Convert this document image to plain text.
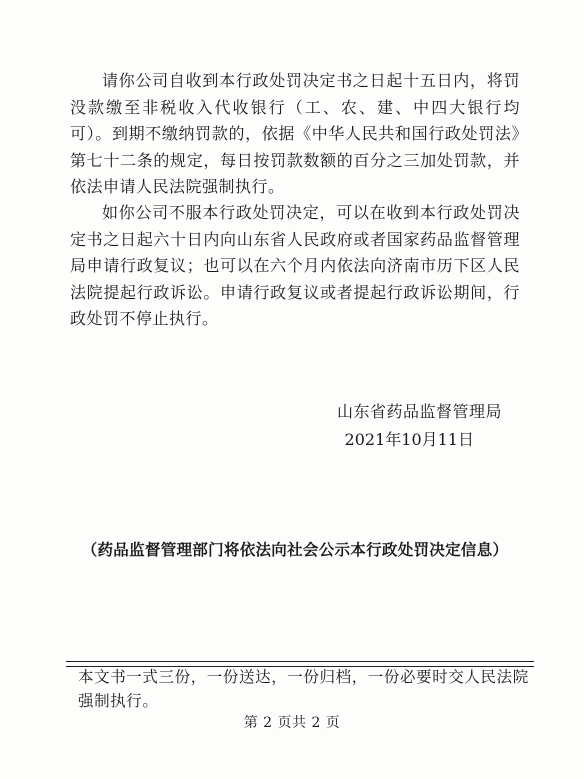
请你公司自收到本行政处罚决定书之日起十五日内，将罚没款缴至非税收入代收银行（工、农、建、中四大银行均可）。到期不缴纳罚款的，依据《中华人民共和国行政处罚法》第七十二条的规定，每日按罚款数额的百分之三加处罚款，并依法申请人民法院强制执行。

如你公司不服本行政处罚决定，可以在收到本行政处罚决定书之日起六十日内向山东省人民政府或者国家药品监督管理局申请行政复议；也可以在六个月内依法向济南市历下区人民法院提起行政诉讼。申请行政复议或者提起行政诉讼期间，行政处罚不停止执行。

山东省药品监督管理局
2021年10月11日
（药品监督管理部门将依法向社会公示本行政处罚决定信息）

本文书一式三份，一份送达，一份归档，一份必要时交人民法院强制执行。

第 2 页共 2 页
